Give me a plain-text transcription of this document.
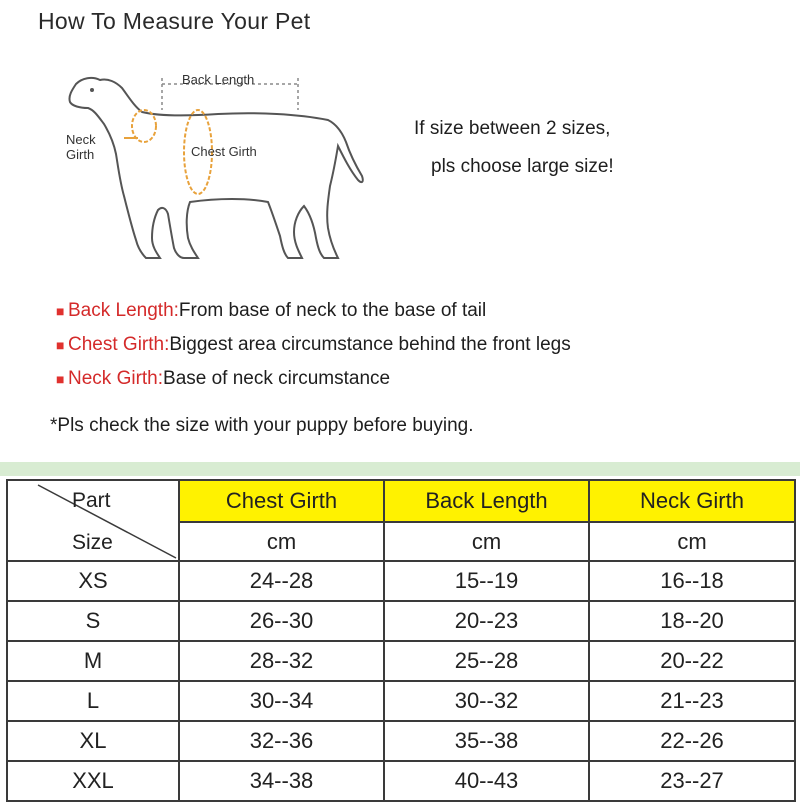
How To Measure Your Pet
Back Length
Neck Girth	Chest Girth
If size between 2 sizes,
pls choose large size!
■ Back Length:From base of neck to the base of tail
■ Chest Girth:Biggest area circumstance behind the front legs
■ Neck Girth:Base of neck circumstance
*Pls check the size with your puppy before buying.
Part
Size	Chest Girth	Back Length	Neck Girth
	cm	cm	cm
XS	24--28	15--19	16--18
S	26--30	20--23	18--20
M	28--32	25--28	20--22
L	30--34	30--32	21--23
XL	32--36	35--38	22--26
XXL	34--38	40--43	23--27
